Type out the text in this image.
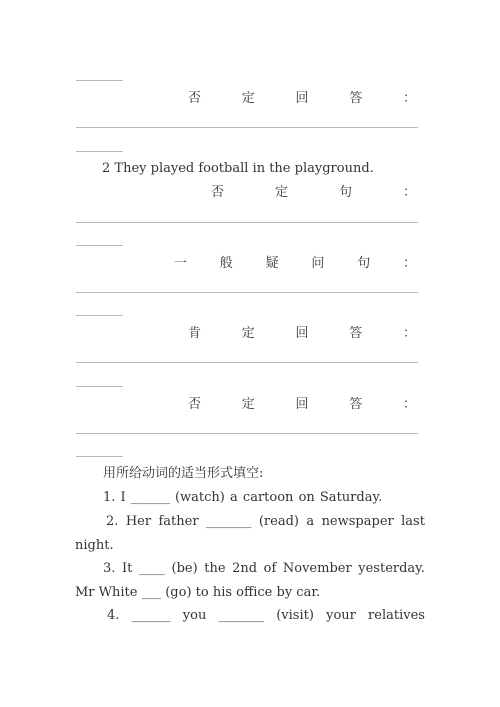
否	定	回	答	：
2 They played football in the playground.
否	定	句	：
一	般	疑	问	句	：
肯	定	回	答	：
否	定	回	答	：
用所给动词的适当形式填空:
1. I ______ (watch) a cartoon on Saturday.
2. Her father _______ (read) a newspaper last
night.
3. It ____ (be) the 2nd of November yesterday.
Mr White ___ (go) to his office by car.
4. ______ you _______ (visit) your relatives
